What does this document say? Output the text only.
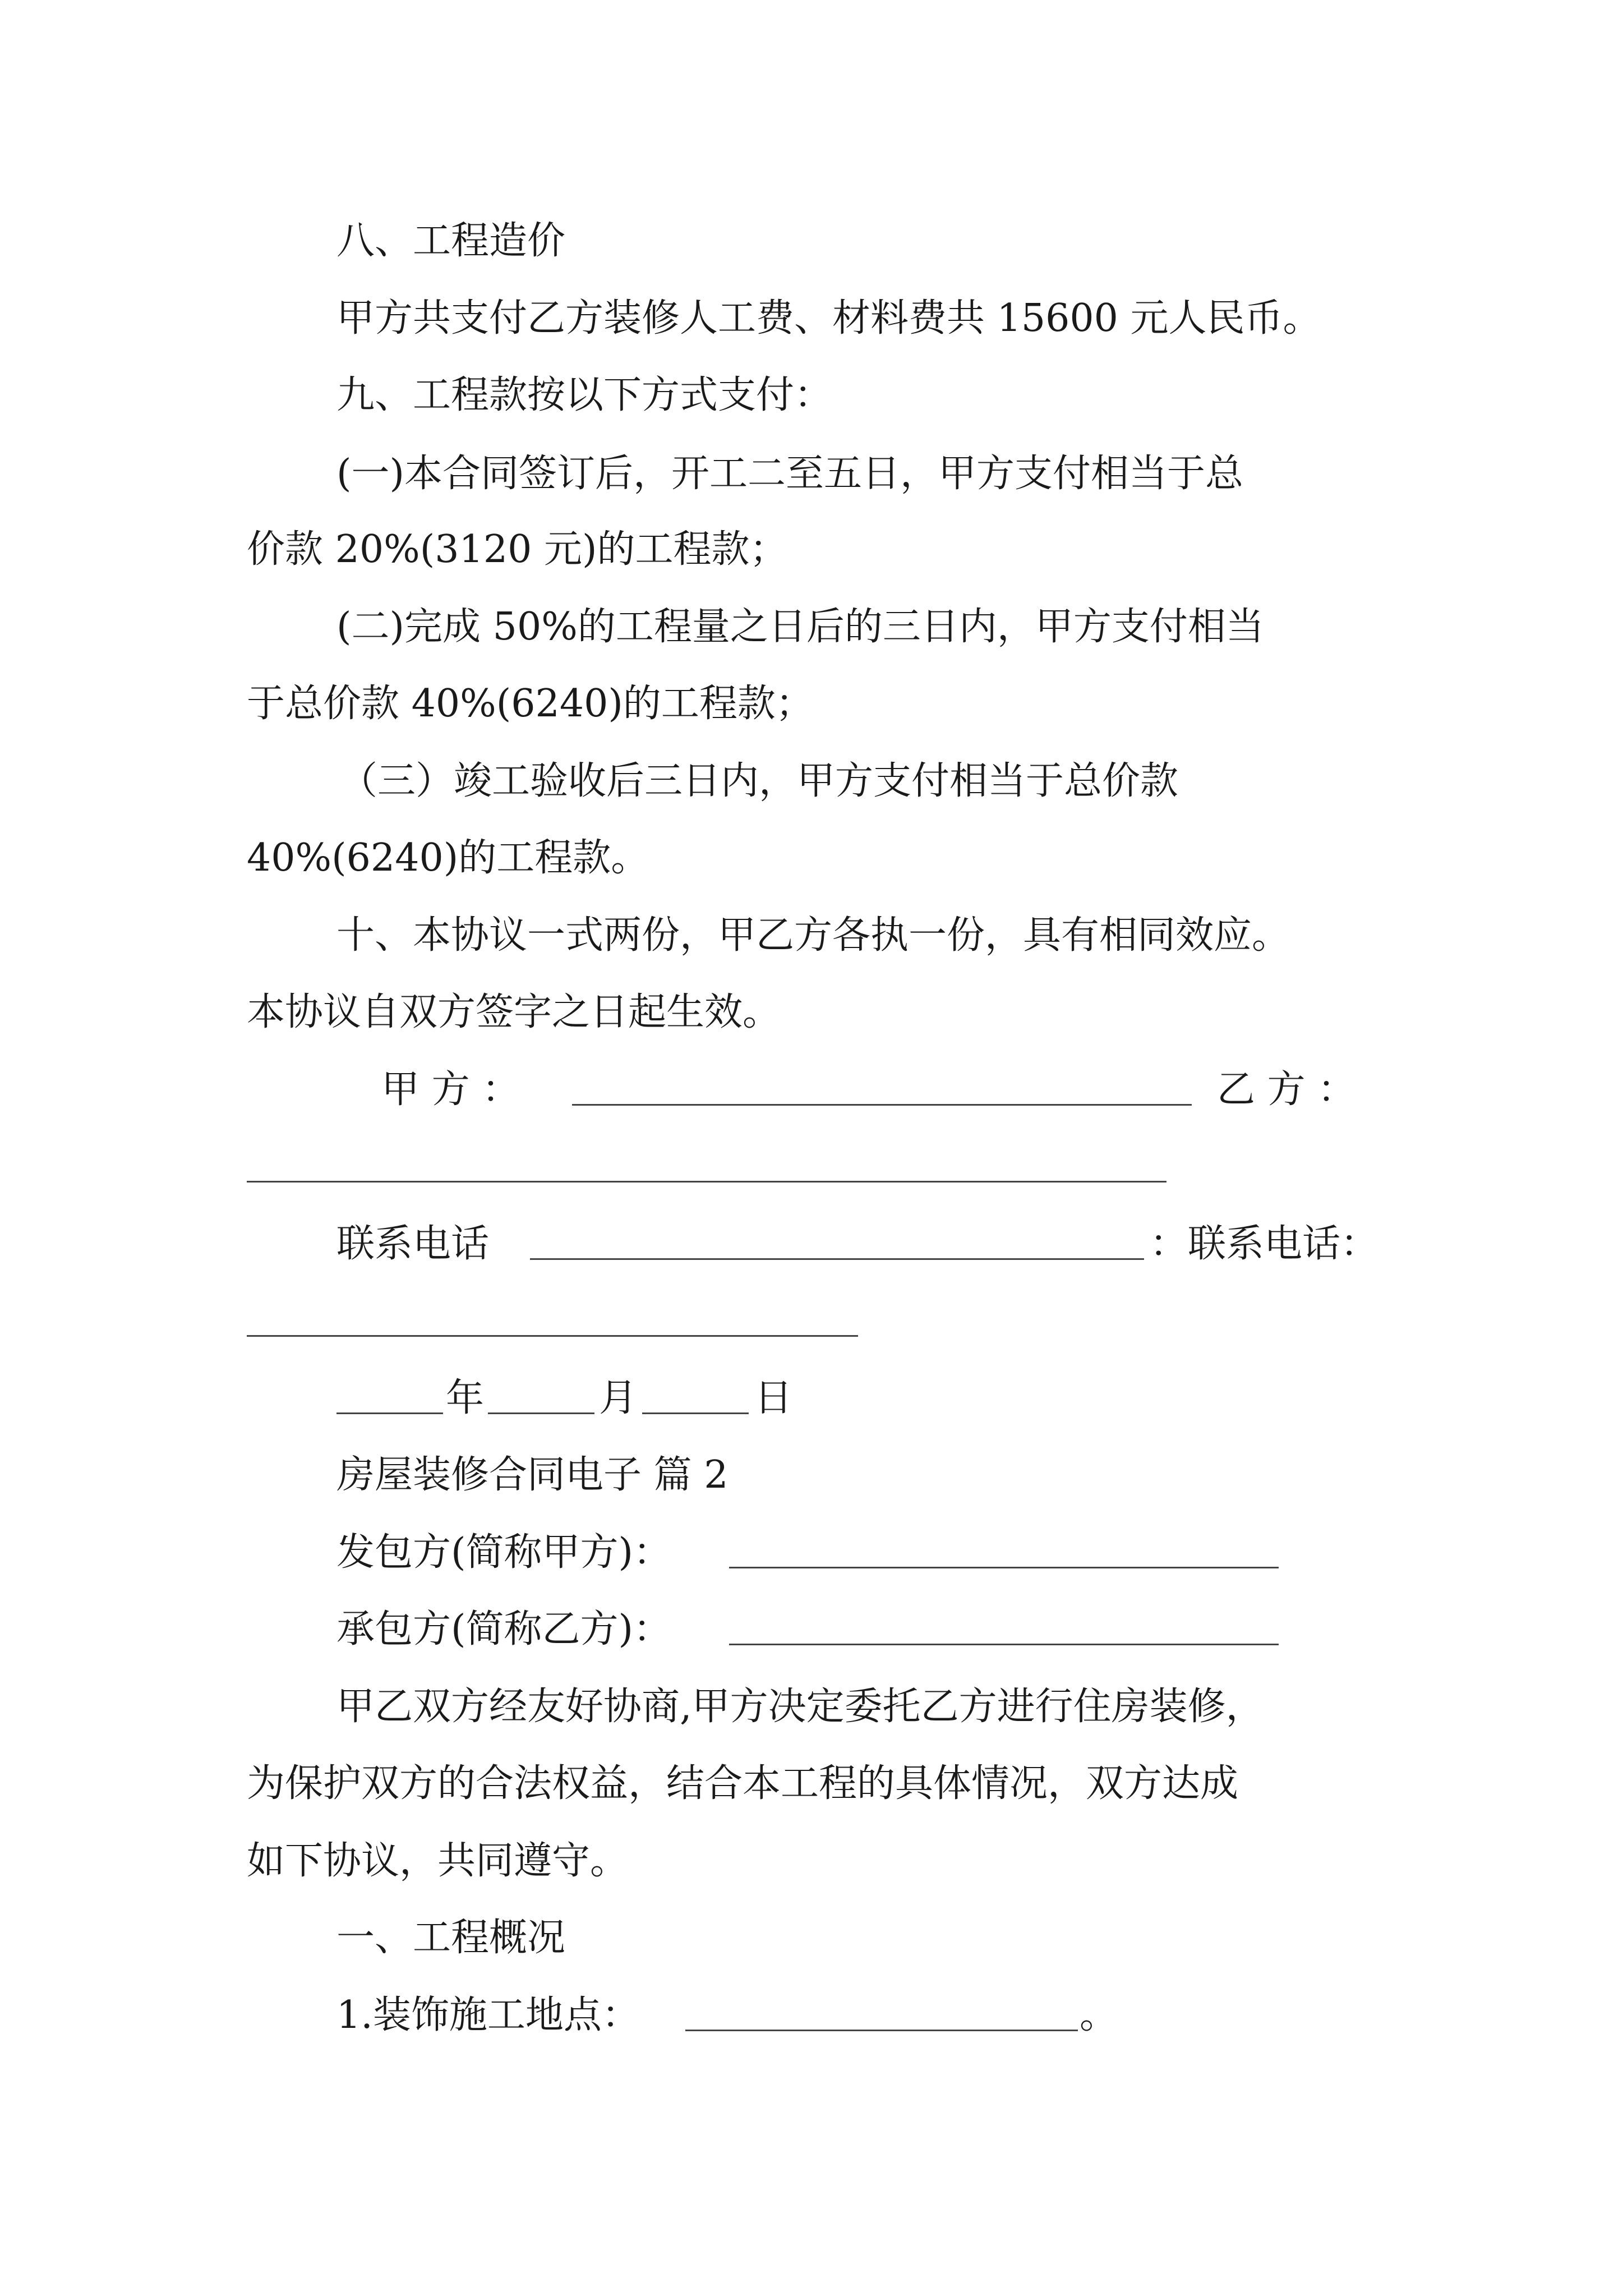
八、工程造价
甲方共支付乙方装修人工费、材料费共 15600 元人民币。
九、工程款按以下方式支付：
(一)本合同签订后，开工二至五日，甲方支付相当于总
价款 20%(3120 元)的工程款；
(二)完成 50%的工程量之日后的三日内，甲方支付相当
于总价款 40%(6240)的工程款；
（三）竣工验收后三日内，甲方支付相当于总价款
40%(6240)的工程款。
十、本协议一式两份，甲乙方各执一份，具有相同效应。
本协议自双方签字之日起生效。
甲 方 ：	乙 方 ：
联系电话	：联系电话：
年	月	日
房屋装修合同电子 篇 2
发包方(简称甲方)：
承包方(简称乙方)：
甲乙双方经友好协商,甲方决定委托乙方进行住房装修，
为保护双方的合法权益，结合本工程的具体情况，双方达成
如下协议，共同遵守。
一、工程概况
1.装饰施工地点：	。
